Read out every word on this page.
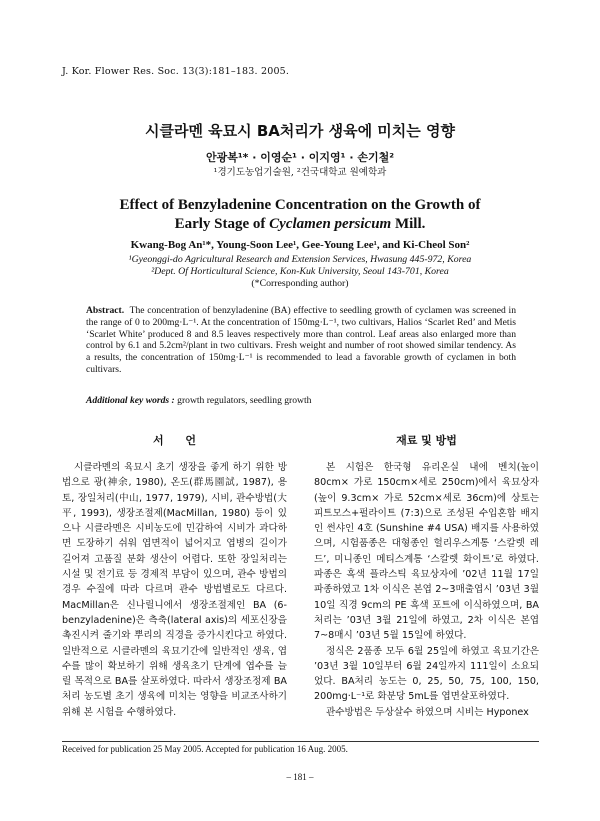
J. Kor. Flower Res. Soc. 13(3):181–183. 2005.
시클라멘 육묘시 BA처리가 생육에 미치는 영향
안광복¹* · 이영순¹ · 이지영¹ · 손기철²
¹경기도농업기술원, ²건국대학교 원예학과
Effect of Benzyladenine Concentration on the Growth of
Early Stage of Cyclamen persicum Mill.
Kwang-Bog An¹*, Young-Soon Lee¹, Gee-Young Lee¹, and Ki-Cheol Son²
¹Gyeonggi-do Agricultural Research and Extension Services, Hwasung 445-972, Korea
²Dept. Of Horticultural Science, Kon-Kuk University, Seoul 143-701, Korea
(*Corresponding author)
Abstract. The concentration of benzyladenine (BA) effective to seedling growth of cyclamen was screened in the range of 0 to 200mg·L⁻¹. At the concentration of 150mg·L⁻¹, two cultivars, Halios ‘Scarlet Red’ and Metis ‘Scarlet White’ produced 8 and 8.5 leaves respectively more than control. Leaf areas also enlarged more than control by 6.1 and 5.2cm²/plant in two cultivars. Fresh weight and number of root showed similar tendency. As a results, the concentration of 150mg·L⁻¹ is recommended to lead a favorable growth of cyclamen in both cultivars.
Additional key words : growth regulators, seedling growth
서 언	재료 및 방법

시클라멘의 육묘시 초기 생장을 좋게 하기 위한 방법으로 광(神余, 1980), 온도(群馬園試, 1987), 용토, 장일처리(中山, 1977, 1979), 시비, 관수방법(大平, 1993), 생장조절제(MacMillan, 1980) 등이 있으나 시클라멘은 시비농도에 민감하여 시비가 과다하면 도장하기 쉬워 엽면적이 넓어지고 엽병의 길이가 길어져 고품질 분화 생산이 어렵다. 또한 장일처리는 시설 및 전기료 등 경제적 부담이 있으며, 관수 방법의 경우 수질에 따라 다르며 관수 방법별로도 다르다. MacMillan은 신나릴니에서 생장조절제인 BA (6-benzyladenine)은 측축(lateral axis)의 세포신장을 촉진시켜 줄기와 뿌리의 직경을 증가시킨다고 하였다. 일반적으로 시클라멘의 육묘기간에 일반적인 생육, 엽수를 많이 확보하기 위해 생육초기 단계에 엽수를 늘릴 목적으로 BA를 살포하였다. 따라서 생장조정제 BA처리 농도별 초기 생육에 미치는 영향을 비교조사하기 위해 본 시험을 수행하였다.

본 시험은 한국형 유리온실 내에 벤치(높이 80cm× 가로 150cm×세로 250cm)에서 육묘상자(높이 9.3cm× 가로 52cm×세로 36cm)에 상토는 피트모스+펄라이트 (7:3)으로 조성된 수입혼합 배지인 썬샤인 4호 (Sunshine #4 USA) 배지를 사용하였으며, 시험품종은 대형종인 헐리우스계통 ‘스칼렛 레드’, 미니종인 메티스계통 ‘스칼렛 화이트’로 하였다. 파종은 흑색 플라스틱 육묘상자에 ’02년 11월 17일 파종하였고 1차 이식은 본엽 2~3매출엽시 ’03년 3월 10일 직경 9cm의 PE 흑색 포트에 이식하였으며, BA처리는 ’03년 3월 21일에 하였고, 2차 이식은 본엽 7~8매시 ’03년 5월 15일에 하였다.

정식은 2품종 모두 6월 25일에 하였고 육묘기간은 ’03년 3월 10일부터 6월 24일까지 111일이 소요되었다. BA처리 농도는 0, 25, 50, 75, 100, 150, 200mg·L⁻¹로 화분당 5mL를 엽면살포하였다.

관수방법은 두상살수 하였으며 시비는 Hyponex

Received for publication 25 May 2005. Accepted for publication 16 Aug. 2005.
– 181 –
